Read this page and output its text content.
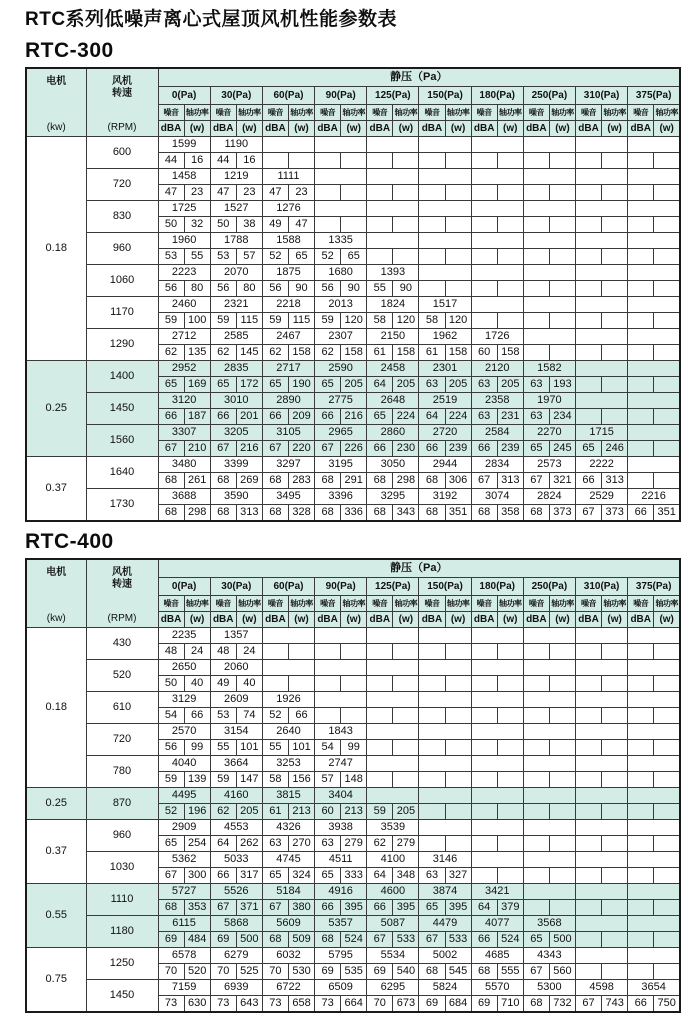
RTC系列低噪声离心式屋顶风机性能参数表
RTC-300
电机
(kw)

风机
转速
(RPM)
	静压（Pa）
		0(Pa)		30(Pa)		60(Pa)		90(Pa)		125(Pa)		150(Pa)		180(Pa)		250(Pa)		310(Pa)		375(Pa)	
		噪音	轴功率	噪音	轴功率	噪音	轴功率	噪音	轴功率	噪音	轴功率	噪音	轴功率	噪音	轴功率	噪音	轴功率	噪音	轴功率	噪音	轴功率
		dBA	(w)	dBA	(w)	dBA	(w)	dBA	(w)	dBA	(w)	dBA	(w)	dBA	(w)	dBA	(w)	dBA	(w)	dBA	(w)
0.18	600	1599		1190																	
		44	16	44	16																
	720	1458		1219		1111															
		47	23	47	23	47	23														
	830	1725		1527		1276															
		50	32	50	38	49	47														
	960	1960		1788		1588		1335													
		53	55	53	57	52	65	52	65												
	1060	2223		2070		1875		1680		1393											
		56	80	56	80	56	90	56	90	55	90										
	1170	2460		2321		2218		2013		1824		1517									
		59	100	59	115	59	115	59	120	58	120	58	120								
	1290	2712		2585		2467		2307		2150		1962		1726							
		62	135	62	145	62	158	62	158	61	158	61	158	60	158						
0.25	1400	2952		2835		2717		2590		2458		2301		2120		1582					
		65	169	65	172	65	190	65	205	64	205	63	205	63	205	63	193				
	1450	3120		3010		2890		2775		2648		2519		2358		1970					
		66	187	66	201	66	209	66	216	65	224	64	224	63	231	63	234				
	1560	3307		3205		3105		2965		2860		2720		2584		2270		1715			
		67	210	67	216	67	220	67	226	66	230	66	239	66	239	65	245	65	246		
0.37	1640	3480		3399		3297		3195		3050		2944		2834		2573		2222			
		68	261	68	269	68	283	68	291	68	298	68	306	67	313	67	321	66	313		
	1730	3688		3590		3495		3396		3295		3192		3074		2824		2529		2216	
		68	298	68	313	68	328	68	336	68	343	68	351	68	358	68	373	67	373	66	351
RTC-400
电机
(kw)

风机
转速
(RPM)
	静压（Pa）
		0(Pa)		30(Pa)		60(Pa)		90(Pa)		125(Pa)		150(Pa)		180(Pa)		250(Pa)		310(Pa)		375(Pa)	
		噪音	轴功率	噪音	轴功率	噪音	轴功率	噪音	轴功率	噪音	轴功率	噪音	轴功率	噪音	轴功率	噪音	轴功率	噪音	轴功率	噪音	轴功率
		dBA	(w)	dBA	(w)	dBA	(w)	dBA	(w)	dBA	(w)	dBA	(w)	dBA	(w)	dBA	(w)	dBA	(w)	dBA	(w)
0.18	430	2235		1357																	
		48	24	48	24																
	520	2650		2060																	
		50	40	49	40																
	610	3129		2609		1926															
		54	66	53	74	52	66														
	720	2570		3154		2640		1843													
		56	99	55	101	55	101	54	99												
	780	4040		3664		3253		2747													
		59	139	59	147	58	156	57	148												
0.25	870	4495		4160		3815		3404													
		52	196	62	205	61	213	60	213	59	205										
0.37	960	2909		4553		4326		3938		3539											
		65	254	64	262	63	270	63	279	62	279										
	1030	5362		5033		4745		4511		4100		3146									
		67	300	66	317	65	324	65	333	64	348	63	327								
0.55	1110	5727		5526		5184		4916		4600		3874		3421							
		68	353	67	371	67	380	66	395	66	395	65	395	64	379						
	1180	6115		5868		5609		5357		5087		4479		4077		3568					
		69	484	69	500	68	509	68	524	67	533	67	533	66	524	65	500				
0.75	1250	6578		6279		6032		5795		5534		5002		4685		4343					
		70	520	70	525	70	530	69	535	69	540	68	545	68	555	67	560				
	1450	7159		6939		6722		6509		6295		5824		5570		5300		4598		3654	
		73	630	73	643	73	658	73	664	70	673	69	684	69	710	68	732	67	743	66	750
